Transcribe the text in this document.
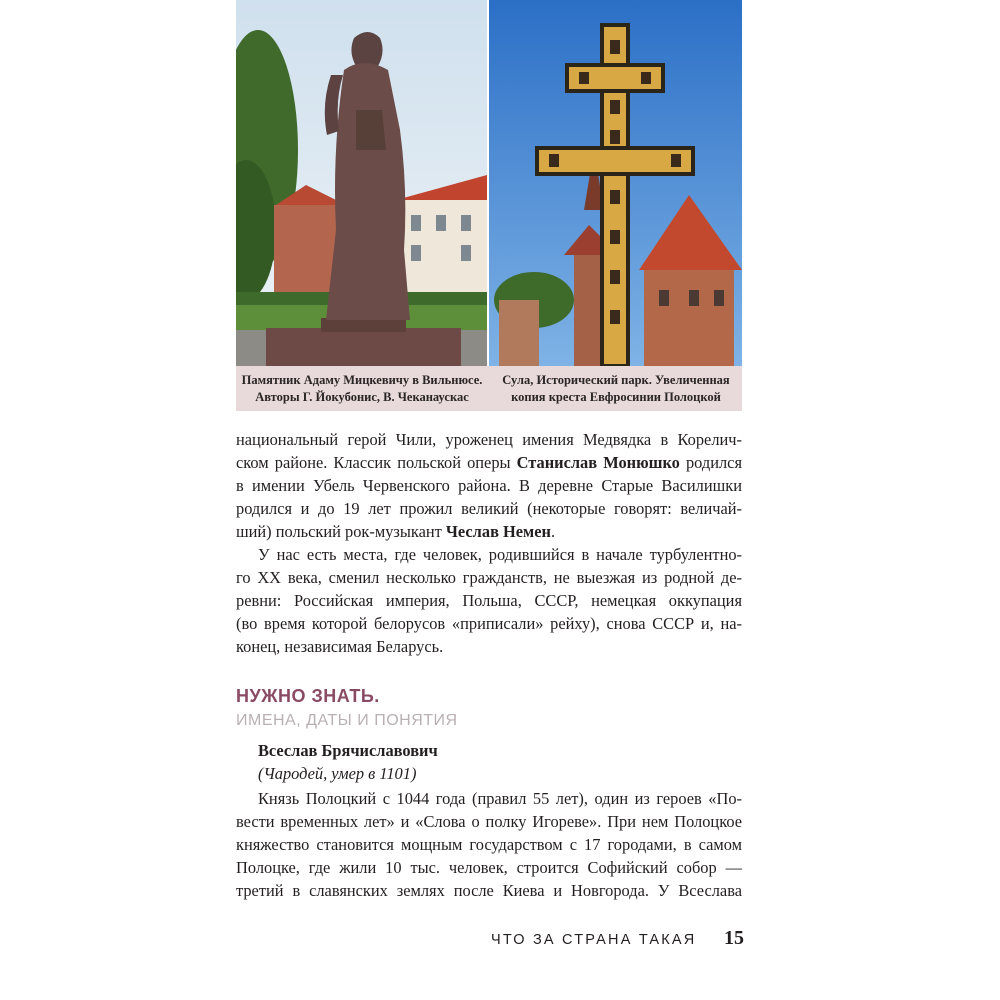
Памятник Адаму Мицкевичу в Вильнюсе.
Авторы Г. Йокубонис, В. Чеканаускас
Сула, Исторический парк. Увеличенная
копия креста Евфросинии Полоцкой
национальный герой Чили, уроженец имения Медвядка в Корелич-
ском районе. Классик польской оперы Станислав Монюшко родился
в имении Убель Червенского района. В деревне Старые Василишки
родился и до 19 лет прожил великий (некоторые говорят: величай-
ший) польский рок-музыкант Чеслав Немен.
У нас есть места, где человек, родившийся в начале турбулентно-
го XX века, сменил несколько гражданств, не выезжая из родной де-
ревни: Российская империя, Польша, СССР, немецкая оккупация
(во время которой белорусов «приписали» рейху), снова СССР и, на-
конец, независимая Беларусь.
НУЖНО ЗНАТЬ.
ИМЕНА, ДАТЫ И ПОНЯТИЯ
Всеслав Брячиславович
(Чародей, умер в 1101)
Князь Полоцкий с 1044 года (правил 55 лет), один из героев «По-
вести временных лет» и «Слова о полку Игореве». При нем Полоцкое
княжество становится мощным государством с 17 городами, в самом
Полоцке, где жили 10 тыс. человек, строится Софийский собор —
третий в славянских землях после Киева и Новгорода. У Всеслава
ЧТО ЗА СТРАНА ТАКАЯ 15
